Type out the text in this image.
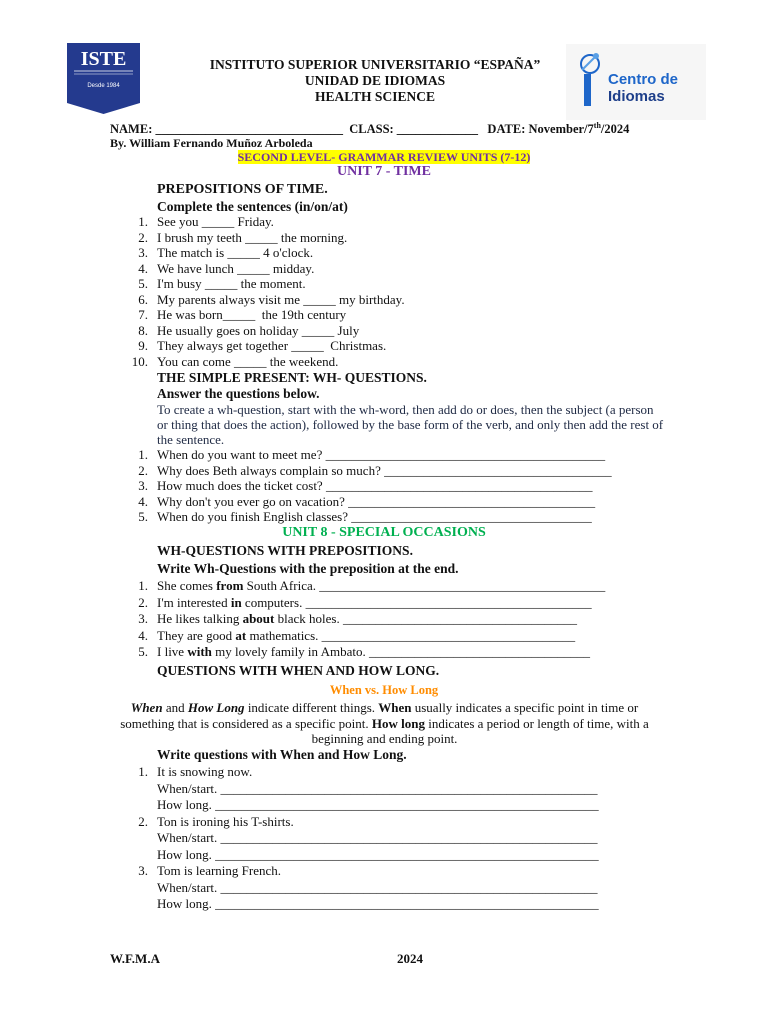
ISTE
Desde 1984
INSTITUTO SUPERIOR UNIVERSITARIO “ESPAÑA”
UNIDAD DE IDIOMAS
HEALTH SCIENCE
Centro de
Idiomas
NAME: ______________________________  CLASS: _____________   DATE: November/7th/2024
By. William Fernando Muñoz Arboleda
SECOND LEVEL- GRAMMAR REVIEW UNITS (7-12)
UNIT 7 - TIME
PREPOSITIONS OF TIME.
Complete the sentences (in/on/at)
1. See you _____ Friday.
2. I brush my teeth _____ the morning.
3. The match is _____ 4 o'clock.
4. We have lunch _____ midday.
5. I'm busy _____ the moment.
6. My parents always visit me _____ my birthday.
7. He was born_____  the 19th century
8. He usually goes on holiday _____ July
9. They always get together _____  Christmas.
10. You can come _____ the weekend.
THE SIMPLE PRESENT: WH- QUESTIONS.
Answer the questions below.
To create a wh-question, start with the wh-word, then add do or does, then the subject (a person or thing that does the action), followed by the base form of the verb, and only then add the rest of the sentence.
1. When do you want to meet me? ___________________________________________
2. Why does Beth always complain so much? ___________________________________
3. How much does the ticket cost? _________________________________________
4. Why don't you ever go on vacation? ______________________________________
5. When do you finish English classes? _____________________________________
UNIT 8 - SPECIAL OCCASIONS
WH-QUESTIONS WITH PREPOSITIONS.
Write Wh-Questions with the preposition at the end.
1. She comes from South Africa. ____________________________________________
2. I'm interested in computers. ____________________________________________
3. He likes talking about black holes. ____________________________________
4. They are good at mathematics. _______________________________________
5. I live with my lovely family in Ambato. __________________________________
QUESTIONS WITH WHEN AND HOW LONG.
When vs. How Long
When and How Long indicate different things. When usually indicates a specific point in time or something that is considered as a specific point. How long indicates a period or length of time, with a beginning and ending point.
Write questions with When and How Long.
1. It is snowing now.
When/start. __________________________________________________________
How long. ___________________________________________________________
2. Ton is ironing his T-shirts.
When/start. __________________________________________________________
How long. ___________________________________________________________
3. Tom is learning French.
When/start. __________________________________________________________
How long. ___________________________________________________________
W.F.M.A	2024
